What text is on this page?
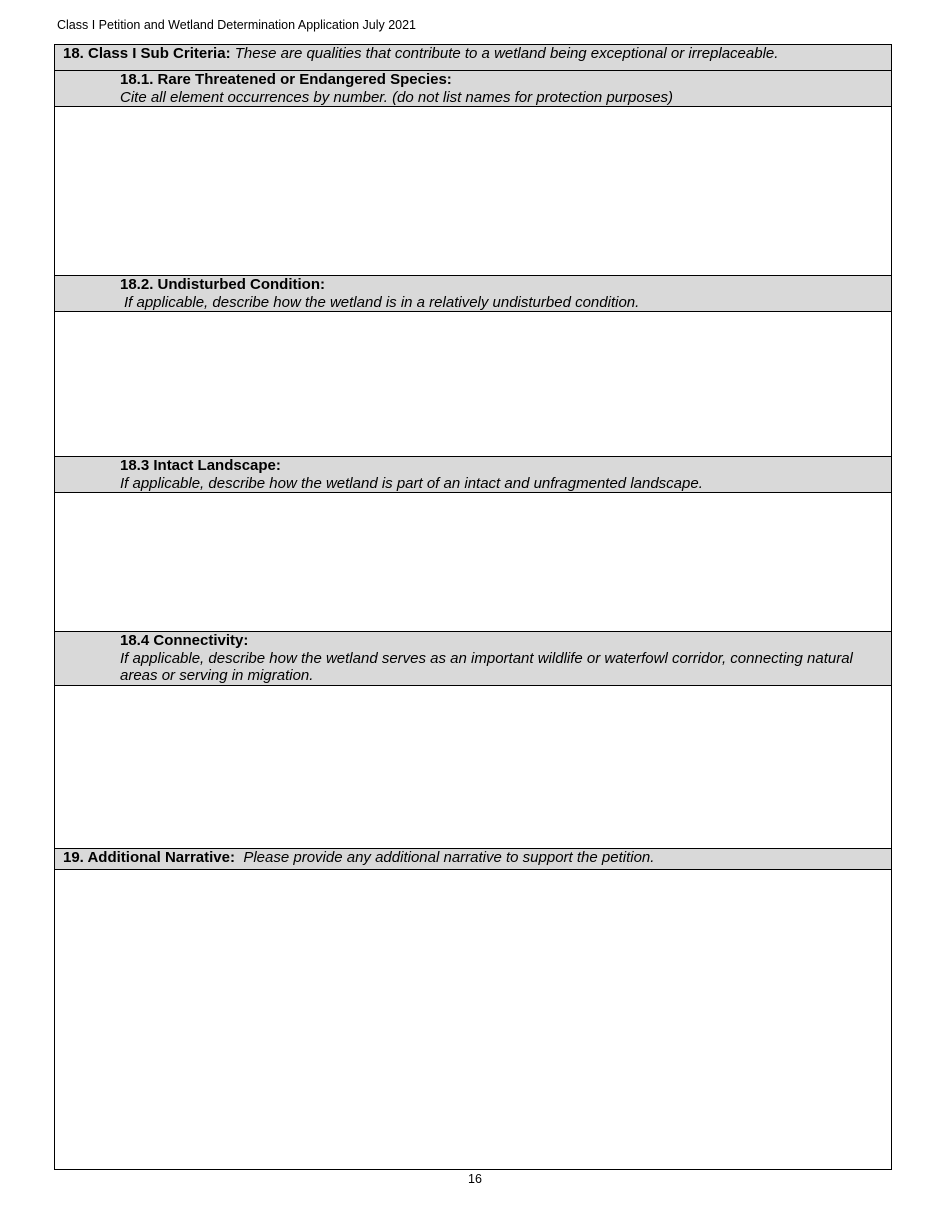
Class I Petition and Wetland Determination Application July 2021
18. Class I Sub Criteria: These are qualities that contribute to a wetland being exceptional or irreplaceable.
18.1. Rare Threatened or Endangered Species:
Cite all element occurrences by number. (do not list names for protection purposes)
18.2. Undisturbed Condition:
If applicable, describe how the wetland is in a relatively undisturbed condition.
18.3 Intact Landscape:
If applicable, describe how the wetland is part of an intact and unfragmented landscape.
18.4 Connectivity:
If applicable, describe how the wetland serves as an important wildlife or waterfowl corridor, connecting natural
areas or serving in migration.
19. Additional Narrative: Please provide any additional narrative to support the petition.
16
